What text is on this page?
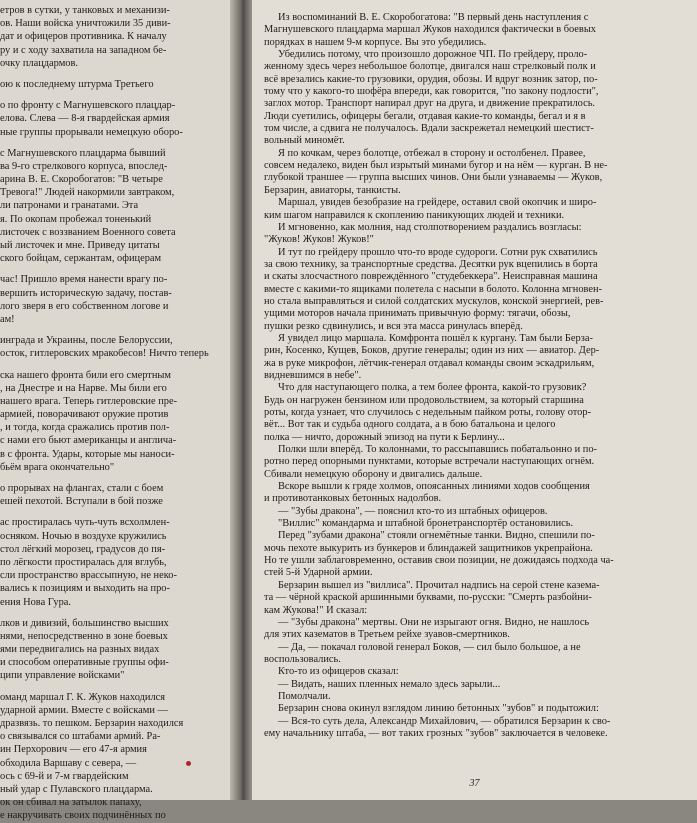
етров в сутки, у танковых и механизи-
ов. Наши войска уничтожили 35 диви-
дат и офицеров противника. К началу
ру и с ходу захватила на западном бе-
очку плацдармов.
ою к последнему штурма Третьего
о по фронту с Магнушевского плацдар-
елова. Слева — 8-я гвардейская армия
ные группы прорывали немецкую оборо-
с Магнушевского плацдарма бывший
ва 9-го стрелкового корпуса, впослед-
арина В. Е. Скоробогатов: "В четыре
Тревога!" Людей накормили завтраком,
ли патронами и гранатами. Эта
я. По окопам пробежал тоненький
листочек с воззванием Военного совета
ый листочек и мне. Приведу цитаты
ского бойцам, сержантам, офицерам
час! Пришло время нанести врагу по-
вершить историческую задачу, постав-
лого зверя в его собственном логове и
ам!
инграда и Украины, после Белоруссии,
осток, гитлеровских мракобесов! Ничто теперь
ска нашего фронта били его смертным
, на Днестре и на Нарве. Мы били его
нашего врага. Теперь гитлеровские пре-
армией, поворачивают оружие против
, и тогда, когда сражались против пол-
с нами его бьют американцы и англича-
в с фронта. Удары, которые мы наноси-
бьём врага окончательно"
о прорывах на флангах, стали с боем
ешей пехотой. Вступали в бой позже
ас простиралась чуть-чуть всхолмлен-
осняком. Ночью в воздухе кружились
стол лёгкий морозец, градусов до пя-
по лёгкости простиралась для вглубь,
сли пространство врассыпную, не неко-
вались к позициям и выходить на про-
ения Нова Гура.
лков и дивизий, большинство высших
нями, непосредственно в зоне боевых
ями передвигались на разных видах
и способом оперативные группы офи-
ципи управление войсками"
оманд маршал Г. К. Жуков находился
ударной армии. Вместе с войсками —
дразвязь. то пешком. Берзарин находился
о связывался со штабами армий. Ра-
ин Перхорович — его 47-я армия
обходила Варшаву с севера, —
ось с 69-й и 7-м гвардейским
ный удар с Пулавского плацдарма.
ок он сбивал на затылок папаху,
е накручивать своих подчинённых по
Из воспоминаний В. Е. Скоробогатова: "В первый день наступления с
Магнушевского плацдарма маршал Жуков находился фактически в боевых
порядках в нашем 9-м корпусе. Вы это убедились.
Убедились потому, что произошло дорожное ЧП. По грейдеру, проло-
женному здесь через небольшое болотце, двигался наш стрелковый полк и
всё врезались какие-то грузовики, орудия, обозы. И вдруг возник затор, по-
тому что у какого-то шофёра впереди, как говорится, "по закону подлости",
заглох мотор. Транспорт напирал друг на друга, и движение прекратилось.
Люди суетились, офицеры бегали, отдавая какие-то команды, бегал и я в
том числе, а сдвига не получалось. Вдали заскрежетал немецкий шестист-
вольный миномёт.
Я по кочкам, через болотце, отбежал в сторону и остолбенел. Правее,
совсем недалеко, виден был изрытый минами бугор и на нём — курган. В не-
глубокой траншее — группа высших чинов. Они были узнаваемы — Жуков,
Берзарин, авиаторы, танкисты.
Маршал, увидев безобразие на грейдере, оставил свой окопчик и широ-
ким шагом направился к скоплению паникующих людей и техники.
И мгновенно, как молния, над столпотворением раздались возгласы:
"Жуков! Жуков! Жуков!"
И тут по грейдеру прошло что-то вроде судороги. Сотни рук схватились
за свою технику, за транспортные средства. Десятки рук вцепились в борта
и скаты злосчастного повреждённого "студебеккера". Неисправная машина
вместе с какими-то ящиками полетела с насыпи в болото. Колонна мгновен-
но стала выправляться и силой солдатских мускулов, конской энергией, рев-
ущими моторов начала принимать привычную форму: тягачи, обозы,
пушки резко сдвинулись, и вся эта масса ринулась вперёд.
Я увидел лицо маршала. Комфронта пошёл к кургану. Там были Берза-
рин, Косенко, Кущев, Боков, другие генералы; один из них — авиатор. Дер-
жа в руке микрофон, лётчик-генерал отдавал команды своим эскадрильям,
видневшимся в небе".
Что для наступающего полка, а тем более фронта, какой-то грузовик?
Будь он нагружен бензином или продовольствием, за который старшина
роты, когда узнает, что случилось с недельным пайком роты, голову отор-
вёт... Вот так и судьба одного солдата, а в бою батальона и целого
полка — ничто, дорожный эпизод на пути к Берлину...
Полки шли вперёд. То колоннами, то рассыпавшись побатальонно и по-
ротно перед опорными пунктами, которые встречали наступающих огнём.
Сбивали немецкую оборону и двигались дальше.
Вскоре вышли к гряде холмов, опоясанных линиями ходов сообщения
и противотанковых бетонных надолбов.
— "Зубы дракона", — пояснил кто-то из штабных офицеров.
"Виллис" командарма и штабной бронетранспортёр остановились.
Перед "зубами дракона" стояли огнемётные танки. Видно, спешили по-
мочь пехоте выкурить из бункеров и блиндажей защитников укрепрайона.
Но те ушли заблаговременно, оставив свои позиции, не дожидаясь подхода ча-
стей 5-й Ударной армии.
Берзарин вышел из "виллиса". Прочитал надпись на серой стене казема-
та — чёрной краской аршинными буквами, по-русски: "Смерть разбойни-
кам Жукова!" И сказал:
— "Зубы дракона" мертвы. Они не изрыгают огня. Видно, не нашлось
для этих казематов в Третьем рейхе зуавов-смертников.
— Да, — покачал головой генерал Боков, — сил было большое, а не
воспользовались.
Кто-то из офицеров сказал:
— Видать, наших пленных немало здесь зарыли...
Помолчали.
Берзарин снова окинул взглядом линию бетонных "зубов" и подытожил:
— Вся-то суть дела, Александр Михайлович, — обратился Берзарин к сво-
ему начальнику штаба, — вот таких грозных "зубов" заключается в человеке.
37
